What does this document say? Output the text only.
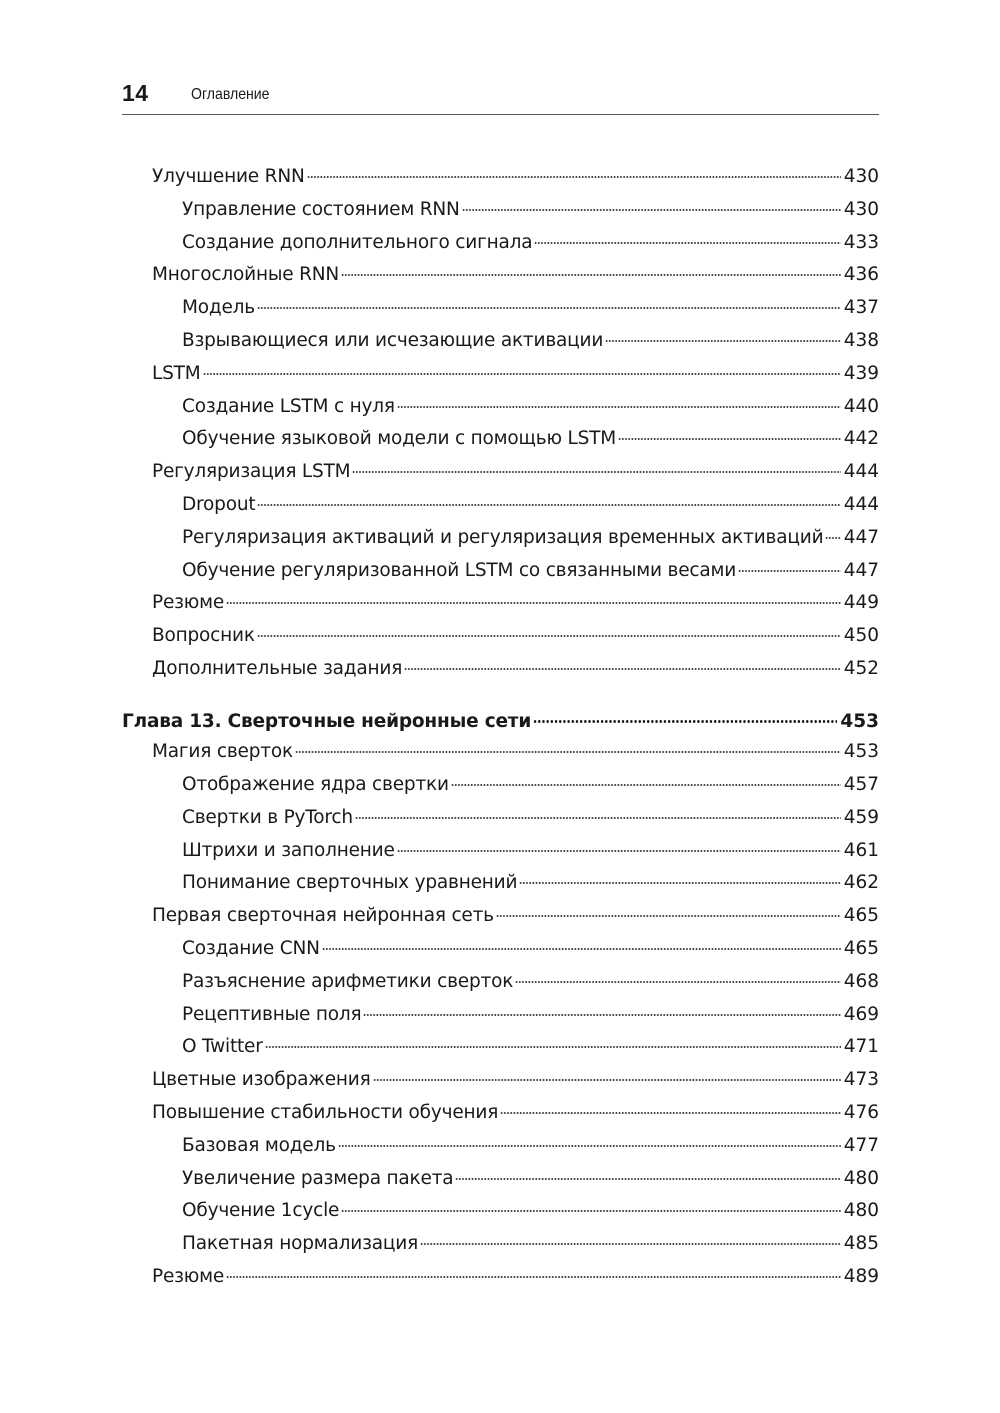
14	Оглавление
Улучшение RNN	430
Управление состоянием RNN	430
Создание дополнительного сигнала	433
Многослойные RNN	436
Модель	437
Взрывающиеся или исчезающие активации	438
LSTM	439
Создание LSTM с нуля	440
Обучение языковой модели с помощью LSTM	442
Регуляризация LSTM	444
Dropout	444
Регуляризация активаций и регуляризация временных активаций 447
Обучение регуляризованной LSTM со связанными весами	447
Резюме	449
Вопросник	450
Дополнительные задания	452
Глава 13. Сверточные нейронные сети	453
Магия сверток	453
Отображение ядра свертки	457
Свертки в PyTorch	459
Штрихи и заполнение	461
Понимание сверточных уравнений	462
Первая сверточная нейронная сеть	465
Создание CNN	465
Разъяснение арифметики сверток	468
Рецептивные поля	469
О Twitter	471
Цветные изображения	473
Повышение стабильности обучения	476
Базовая модель	477
Увеличение размера пакета	480
Обучение 1cycle	480
Пакетная нормализация	485
Резюме	489
